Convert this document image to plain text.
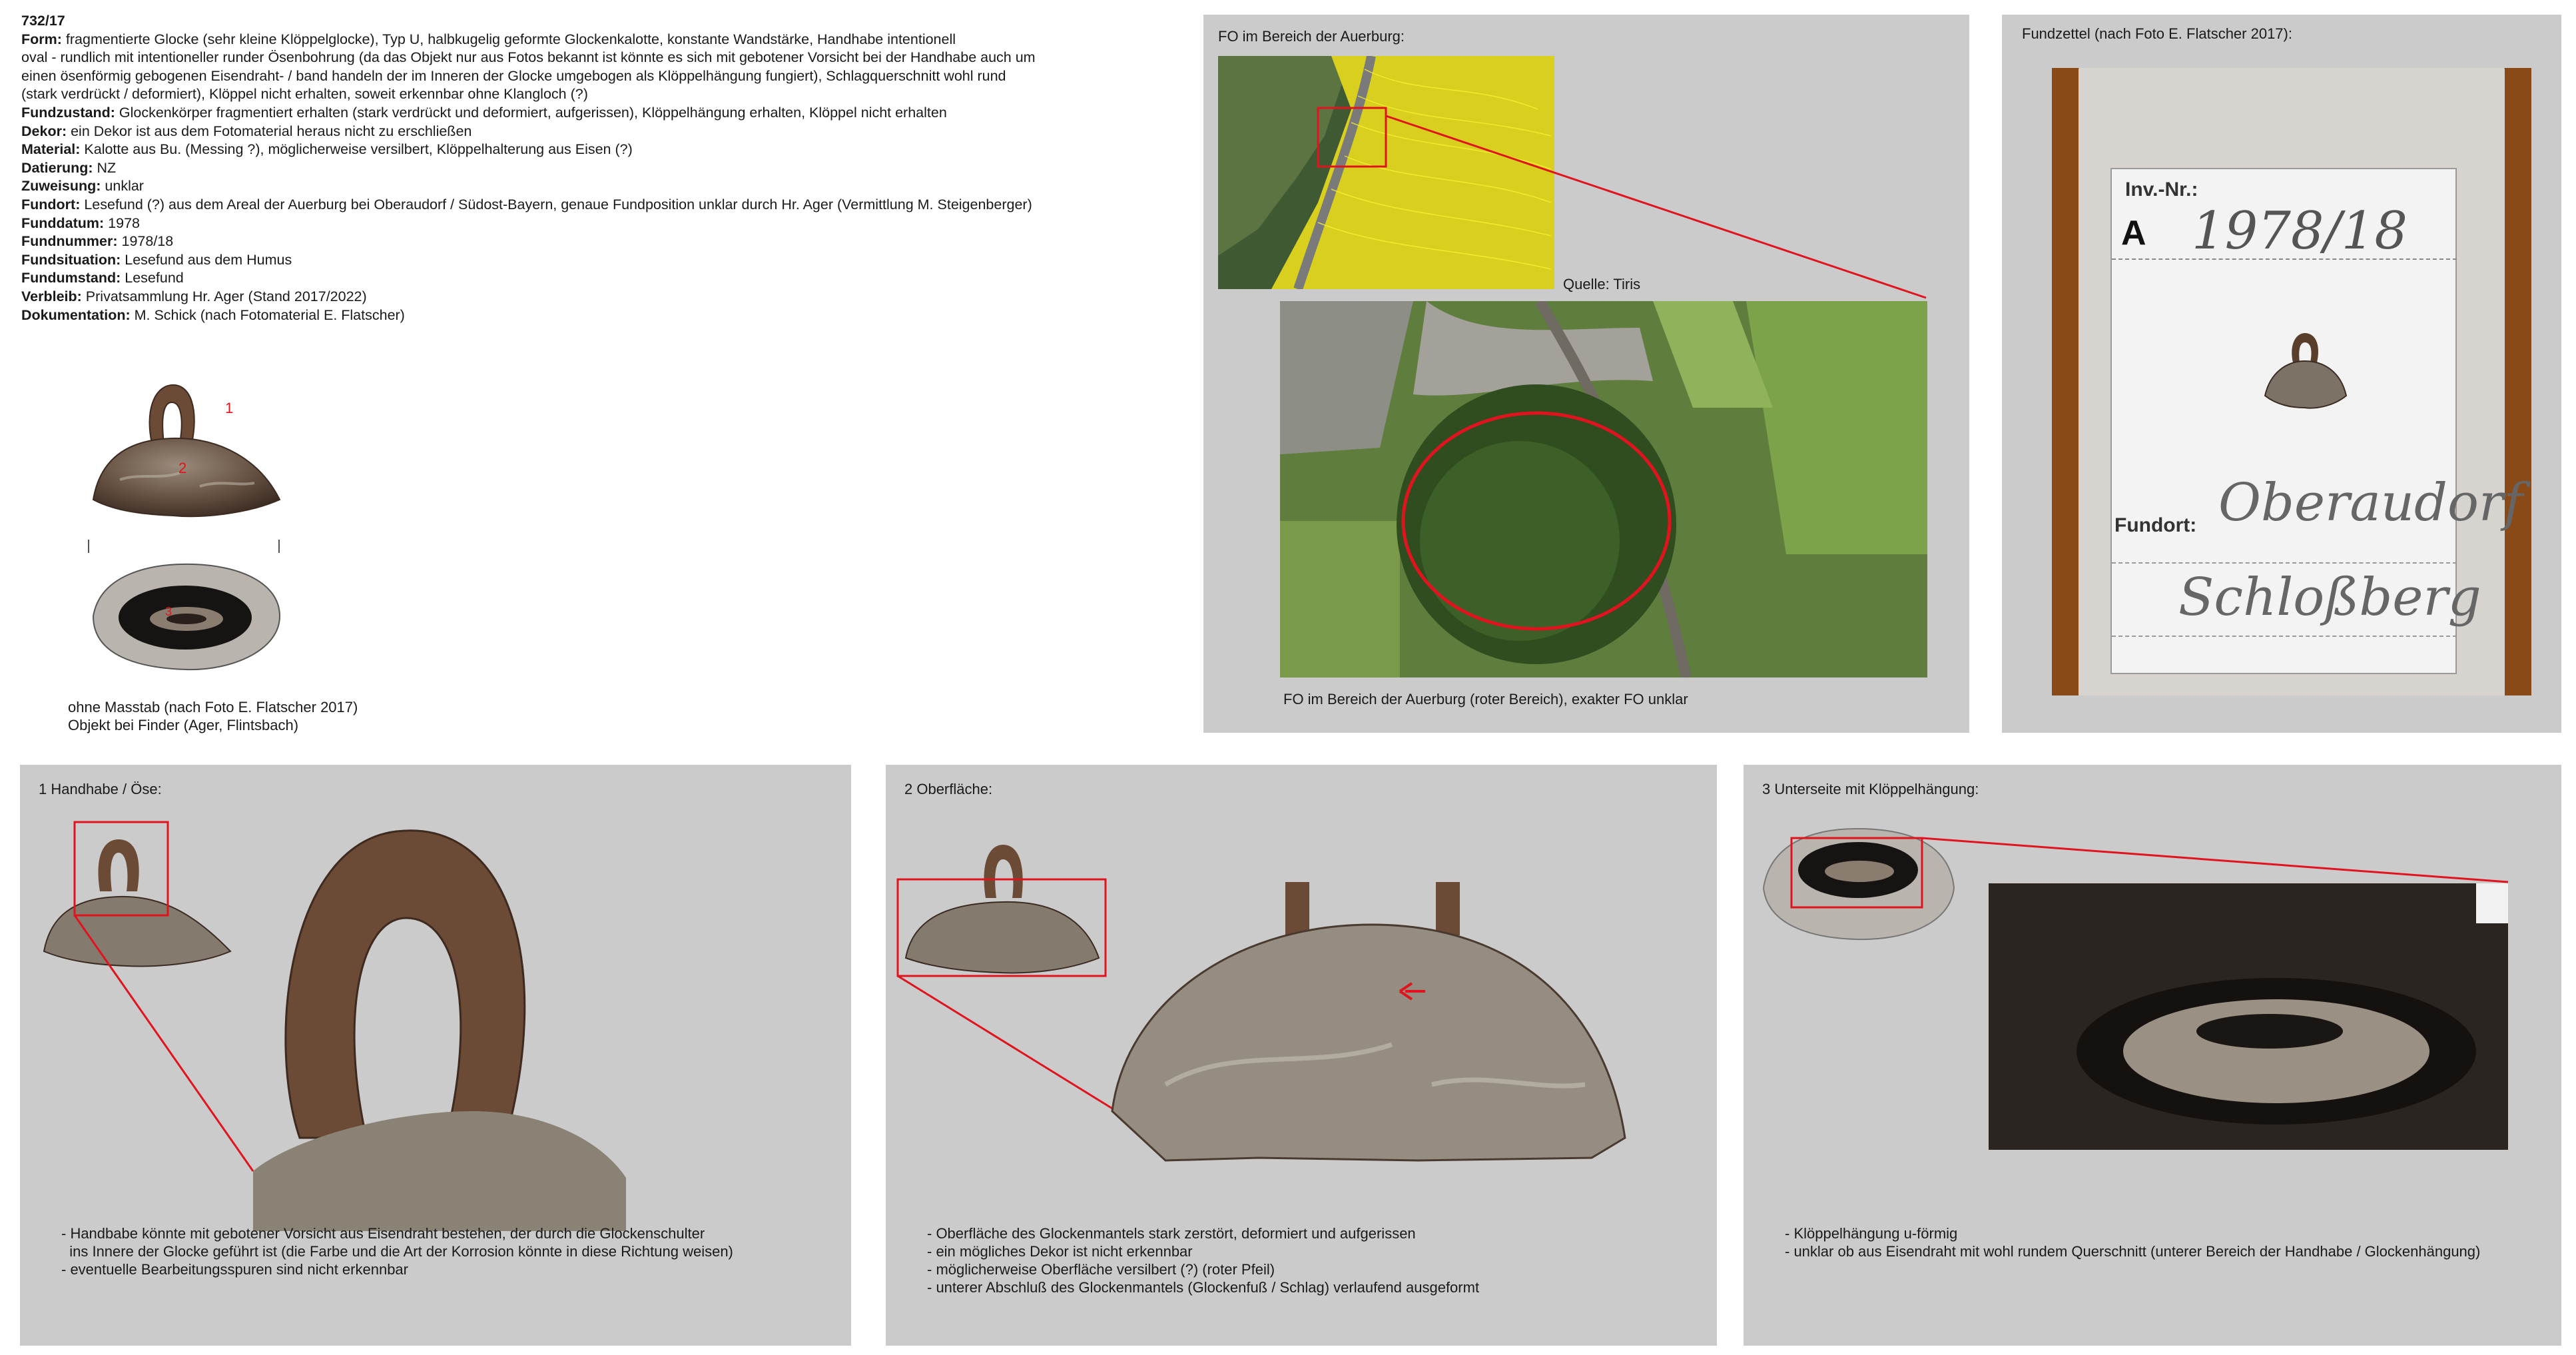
732/17
Form: fragmentierte Glocke (sehr kleine Klöppelglocke), Typ U, halbkugelig geformte Glockenkalotte, konstante Wandstärke, Handhabe intentionell
oval - rundlich mit intentioneller runder Ösenbohrung (da das Objekt nur aus Fotos bekannt ist könnte es sich mit gebotener Vorsicht bei der Handhabe auch um
einen ösenförmig gebogenen Eisendraht- / band handeln der im Inneren der Glocke umgebogen als Klöppelhängung fungiert), Schlagquerschnitt wohl rund
(stark verdrückt / deformiert), Klöppel nicht erhalten, soweit erkennbar ohne Klangloch (?)
Fundzustand: Glockenkörper fragmentiert erhalten (stark verdrückt und deformiert, aufgerissen), Klöppelhängung erhalten, Klöppel nicht erhalten
Dekor: ein Dekor ist aus dem Fotomaterial heraus nicht zu erschließen
Material: Kalotte aus Bu. (Messing ?), möglicherweise versilbert, Klöppelhalterung aus Eisen (?)
Datierung: NZ
Zuweisung: unklar
Fundort: Lesefund (?) aus dem Areal der Auerburg bei Oberaudorf / Südost-Bayern, genaue Fundposition unklar durch Hr. Ager (Vermittlung M. Steigenberger)
Funddatum: 1978
Fundnummer: 1978/18
Fundsituation: Lesefund aus dem Humus
Fundumstand: Lesefund
Verbleib: Privatsammlung Hr. Ager (Stand 2017/2022)
Dokumentation: M. Schick (nach Fotomaterial E. Flatscher)
1
2
3
ohne Masstab (nach Foto E. Flatscher 2017)
Objekt bei Finder (Ager, Flintsbach)
FO im Bereich der Auerburg:
Quelle: Tiris
FO im Bereich der Auerburg (roter Bereich), exakter FO unklar
Fundzettel (nach Foto E. Flatscher 2017):
Inv.-Nr.:
A 1978/18
Fundort: Oberaudorf
Schloßberg
1 Handhabe / Öse:
- Handbabe könnte mit gebotener Vorsicht aus Eisendraht bestehen, der durch die Glockenschulter
ins Innere der Glocke geführt ist (die Farbe und die Art der Korrosion könnte in diese Richtung weisen)
- eventuelle Bearbeitungsspuren sind nicht erkennbar
2 Oberfläche:
- Oberfläche des Glockenmantels stark zerstört, deformiert und aufgerissen
- ein mögliches Dekor ist nicht erkennbar
- möglicherweise Oberfläche versilbert (?) (roter Pfeil)
- unterer Abschluß des Glockenmantels (Glockenfuß / Schlag) verlaufend ausgeformt
3 Unterseite mit Klöppelhängung:
- Klöppelhängung u-förmig
- unklar ob aus Eisendraht mit wohl rundem Querschnitt (unterer Bereich der Handhabe / Glockenhängung)
